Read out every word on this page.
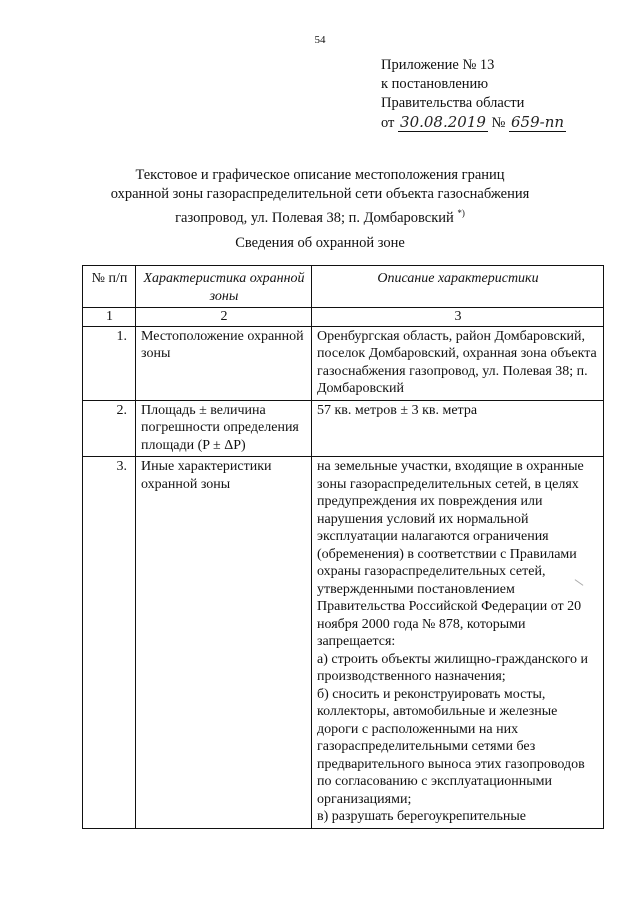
54
Приложение № 13
к постановлению
Правительства области
от 30.08.2019 № 659-пп
Текстовое и графическое описание местоположения границ
охранной зоны газораспределительной сети объекта газоснабжения
газопровод, ул. Полевая 38; п. Домбаровский *)
Сведения об охранной зоне
№ п/п	Характеристика охранной зоны	Описание характеристики
1	2	3
1.	Местоположение охранной зоны	Оренбургская область, район Домбаровский, поселок Домбаровский, охранная зона объекта газоснабжения газопровод, ул. Полевая 38; п. Домбаровский

2.	Площадь ± величина погрешности определения площади (P ± ΔP)	57 кв. метров ± 3 кв. метра

3.	Иные характеристики охранной зоны	на земельные участки, входящие в охранные зоны газораспределительных сетей, в целях предупреждения их повреждения или нарушения условий их нормальной эксплуатации налагаются ограничения (обременения) в соответствии с Правилами охраны газораспределительных сетей, утвержденными постановлением Правительства Российской Федерации от 20 ноября 2000 года № 878, которыми запрещается:
а) строить объекты жилищно-гражданского и производственного назначения;
б) сносить и реконструировать мосты, коллекторы, автомобильные и железные дороги с расположенными на них газораспределительными сетями без предварительного выноса этих газопроводов по согласованию с эксплуатационными организациями;
в) разрушать берегоукрепительные
